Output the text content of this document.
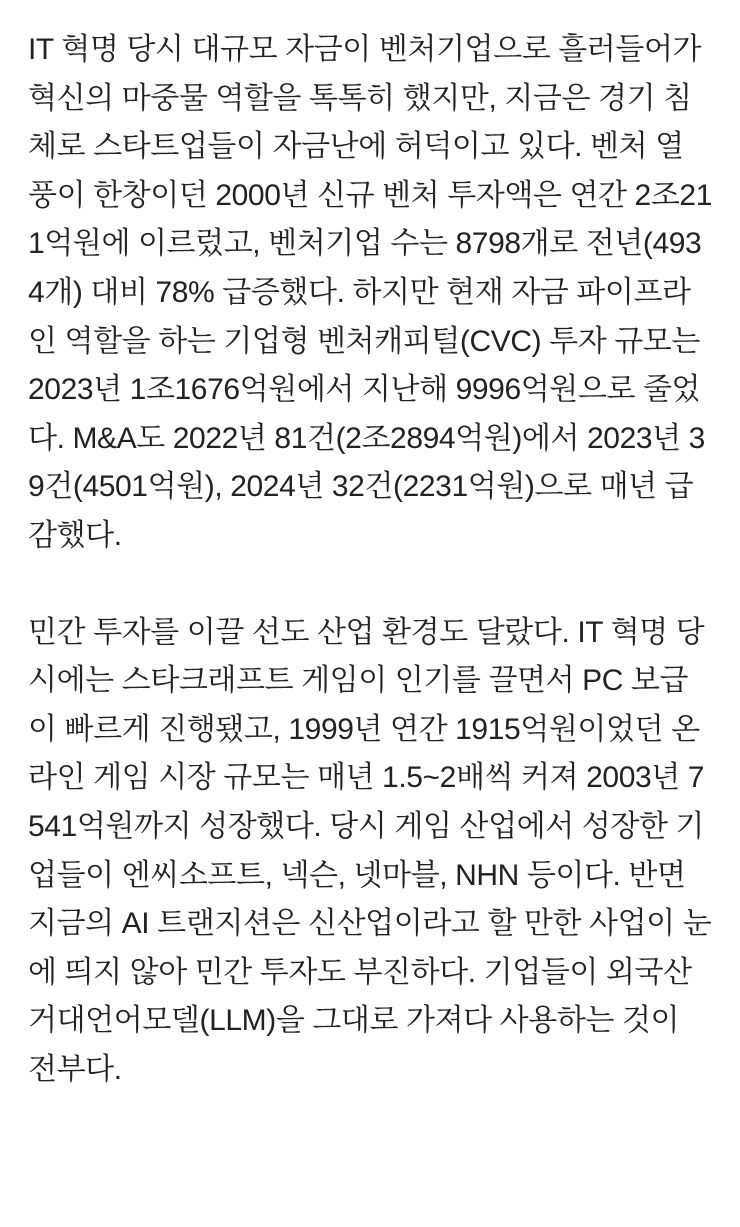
IT 혁명 당시 대규모 자금이 벤처기업으로 흘러들어가 혁신의 마중물 역할을 톡톡히 했지만, 지금은 경기 침체로 스타트업들이 자금난에 허덕이고 있다. 벤처 열풍이 한창이던 2000년 신규 벤처 투자액은 연간 2조211억원에 이르렀고, 벤처기업 수는 8798개로 전년(4934개) 대비 78% 급증했다. 하지만 현재 자금 파이프라인 역할을 하는 기업형 벤처캐피털(CVC) 투자 규모는 2023년 1조1676억원에서 지난해 9996억원으로 줄었다. M&A도 2022년 81건(2조2894억원)에서 2023년 39건(4501억원), 2024년 32건(2231억원)으로 매년 급감했다.

민간 투자를 이끌 선도 산업 환경도 달랐다. IT 혁명 당시에는 스타크래프트 게임이 인기를 끌면서 PC 보급이 빠르게 진행됐고, 1999년 연간 1915억원이었던 온라인 게임 시장 규모는 매년 1.5~2배씩 커져 2003년 7541억원까지 성장했다. 당시 게임 산업에서 성장한 기업들이 엔씨소프트, 넥슨, 넷마블, NHN 등이다. 반면 지금의 AI 트랜지션은 신산업이라고 할 만한 사업이 눈에 띄지 않아 민간 투자도 부진하다. 기업들이 외국산 거대언어모델(LLM)을 그대로 가져다 사용하는 것이 전부다.
